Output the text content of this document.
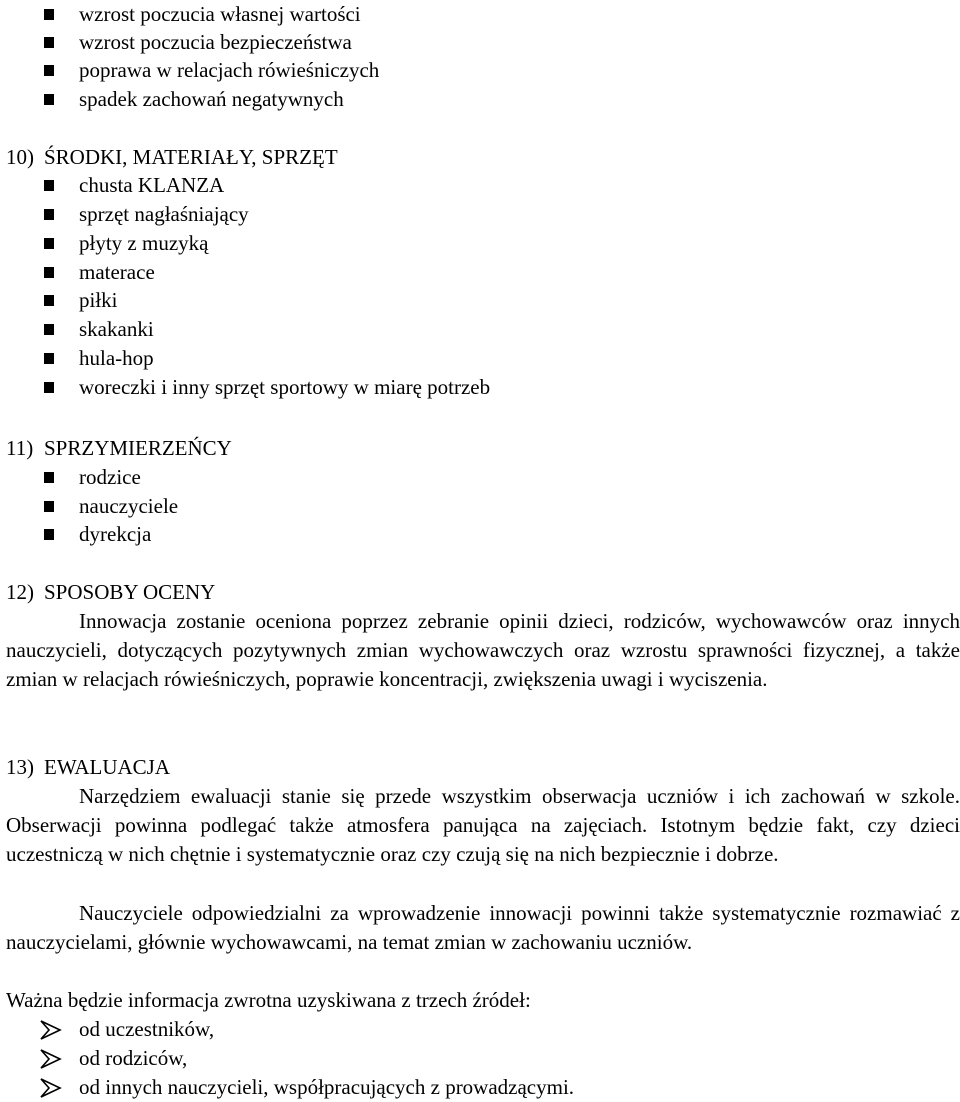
wzrost poczucia własnej wartości
wzrost poczucia bezpieczeństwa
poprawa w relacjach rówieśniczych
spadek zachowań negatywnych
10) ŚRODKI, MATERIAŁY, SPRZĘT
chusta KLANZA
sprzęt nagłaśniający
płyty z muzyką
materace
piłki
skakanki
hula-hop
woreczki i inny sprzęt sportowy w miarę potrzeb
11) SPRZYMIERZEŃCY
rodzice
nauczyciele
dyrekcja
12) SPOSOBY OCENY

Innowacja zostanie oceniona poprzez zebranie opinii dzieci, rodziców, wychowawców oraz innych nauczycieli, dotyczących pozytywnych zmian wychowawczych oraz wzrostu sprawności fizycznej, a także zmian w relacjach rówieśniczych, poprawie koncentracji, zwiększenia uwagi i wyciszenia.

13) EWALUACJA

Narzędziem ewaluacji stanie się przede wszystkim obserwacja uczniów i ich zachowań w szkole. Obserwacji powinna podlegać także atmosfera panująca na zajęciach. Istotnym będzie fakt, czy dzieci uczestniczą w nich chętnie i systematycznie oraz czy czują się na nich bezpiecznie i dobrze.

Nauczyciele odpowiedzialni za wprowadzenie innowacji powinni także systematycznie rozmawiać z nauczycielami, głównie wychowawcami, na temat zmian w zachowaniu uczniów.

Ważna będzie informacja zwrotna uzyskiwana z trzech źródeł:
od uczestników,
od rodziców,
od innych nauczycieli, współpracujących z prowadzącymi.
